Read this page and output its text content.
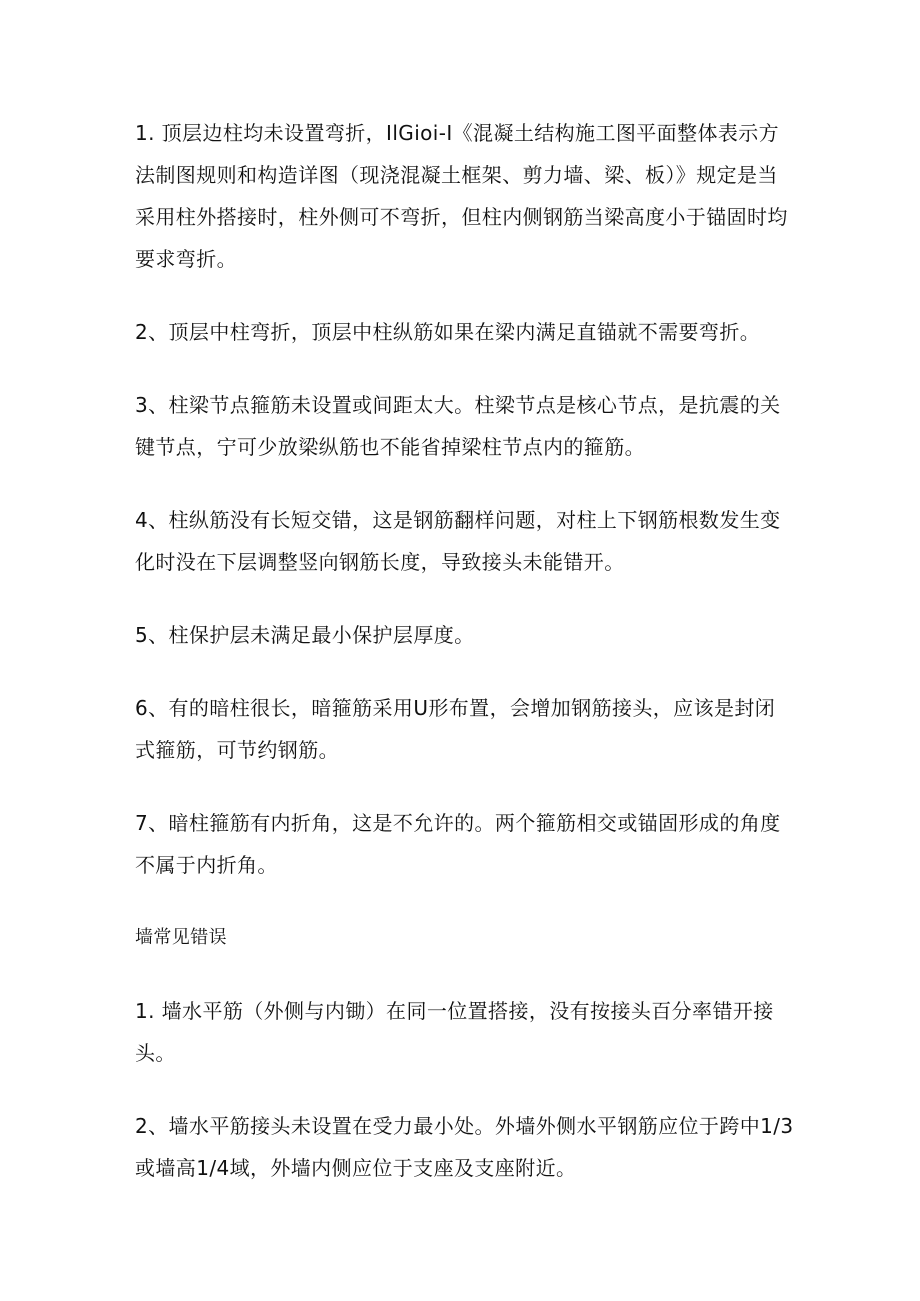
1. 顶层边柱均未设置弯折，IlGioi-I《混凝土结构施工图平面整体表示方法制图规则和构造详图（现浇混凝土框架、剪力墙、梁、板）》规定是当采用柱外搭接时，柱外侧可不弯折，但柱内侧钢筋当梁高度小于锚固时均要求弯折。

2、顶层中柱弯折，顶层中柱纵筋如果在梁内满足直锚就不需要弯折。

3、柱梁节点箍筋未设置或间距太大。柱梁节点是核心节点，是抗震的关键节点，宁可少放梁纵筋也不能省掉梁柱节点内的箍筋。

4、柱纵筋没有长短交错，这是钢筋翻样问题，对柱上下钢筋根数发生变化时没在下层调整竖向钢筋长度，导致接头未能错开。

5、柱保护层未满足最小保护层厚度。

6、有的暗柱很长，暗箍筋采用U形布置，会增加钢筋接头，应该是封闭式箍筋，可节约钢筋。

7、暗柱箍筋有内折角，这是不允许的。两个箍筋相交或锚固形成的角度不属于内折角。

墙常见错误

1. 墙水平筋（外侧与内锄）在同一位置搭接，没有按接头百分率错开接头。

2、墙水平筋接头未设置在受力最小处。外墙外侧水平钢筋应位于跨中1/3或墙高1/4域，外墙内侧应位于支座及支座附近。
